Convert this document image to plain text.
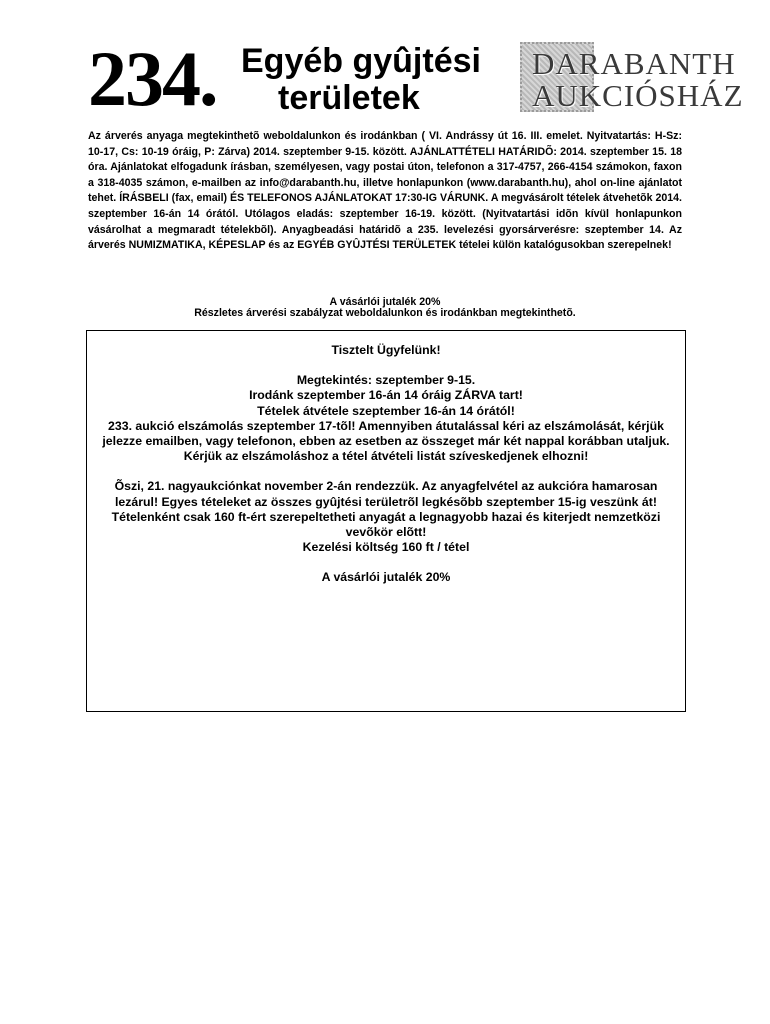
234. Egyéb gyûjtési
területek
DARABANTH
AUKCIÓSHÁZ
Az árverés anyaga megtekinthetõ weboldalunkon és irodánkban ( VI. Andrássy út 16. III. emelet. Nyitvatartás: H-Sz: 10-17, Cs: 10-19 óráig, P: Zárva) 2014. szeptember 9-15. között. AJÁNLATTÉTELI HATÁRIDÕ: 2014. szeptember 15. 18 óra. Ajánlatokat elfogadunk írásban, személyesen, vagy postai úton, telefonon a 317-4757, 266-4154 számokon, faxon a 318-4035 számon, e-mailben az info@darabanth.hu, illetve honlapunkon (www.darabanth.hu), ahol on-line ajánlatot tehet. ÍRÁSBELI (fax, email) ÉS TELEFONOS AJÁNLATOKAT 17:30-IG VÁRUNK. A megvásárolt tételek átvehetõk 2014. szeptember 16-án 14 órától. Utólagos eladás: szeptember 16-19. között. (Nyitvatartási idõn kívül honlapunkon vásárolhat a megmaradt tételekbõl). Anyagbeadási határidõ a 235. levelezési gyorsárverésre: szeptember 14. Az árverés NUMIZMATIKA, KÉPESLAP és az EGYÉB GYÛJTÉSI TERÜLETEK tételei külön katalógusokban szerepelnek!
A vásárlói jutalék 20%
Részletes árverési szabályzat weboldalunkon és irodánkban megtekinthetõ.

Tisztelt Ügyfelünk!

Megtekintés: szeptember 9-15.

Irodánk szeptember 16-án 14 óráig ZÁRVA tart!

Tételek átvétele szeptember 16-án 14 órától!

233. aukció elszámolás szeptember 17-tõl! Amennyiben átutalással kéri az elszámolását, kérjük jelezze emailben, vagy telefonon, ebben az esetben az összeget már két nappal korábban utaljuk.

Kérjük az elszámoláshoz a tétel átvételi listát szíveskedjenek elhozni!

Õszi, 21. nagyaukciónkat november 2-án rendezzük. Az anyagfelvétel az aukcióra hamarosan lezárul! Egyes tételeket az összes gyûjtési területrõl legkésõbb szeptember 15-ig veszünk át! Tételenként csak 160 ft-ért szerepeltetheti anyagát a legnagyobb hazai és kiterjedt nemzetközi vevõkör elõtt!

Kezelési költség 160 ft / tétel

A vásárlói jutalék 20%
